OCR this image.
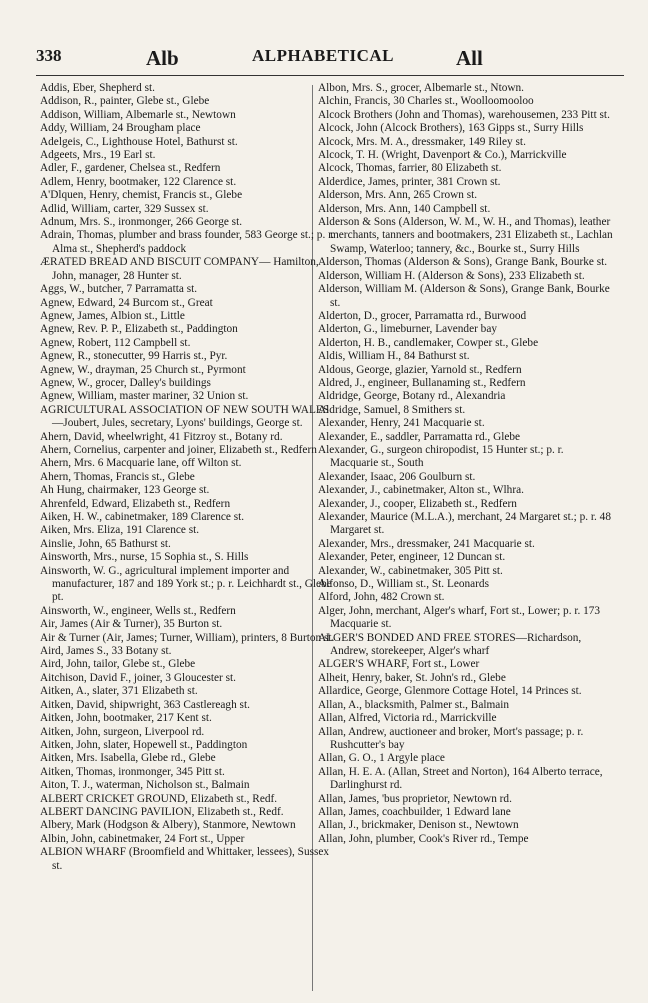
338	Alb	ALPHABETICAL	All
Addis, Eber, Shepherd st.
Addison, R., painter, Glebe st., Glebe
Addison, William, Albemarle st., Newtown
Addy, William, 24 Brougham place
Adelgeis, C., Lighthouse Hotel, Bathurst st.
Adgeets, Mrs., 19 Earl st.
Adler, F., gardener, Chelsea st., Redfern
Adlem, Henry, bootmaker, 122 Clarence st.
A'Dlquen, Henry, chemist, Francis st., Glebe
Adlid, William, carter, 329 Sussex st.
Adnum, Mrs. S., ironmonger, 266 George st.
Adrain, Thomas, plumber and brass founder, 583 George st.; p. r. Alma st., Shepherd's paddock
ÆRATED BREAD AND BISCUIT COMPANY— Hamilton, John, manager, 28 Hunter st.
Aggs, W., butcher, 7 Parramatta st.
Agnew, Edward, 24 Burcom st., Great
Agnew, James, Albion st., Little
Agnew, Rev. P. P., Elizabeth st., Paddington
Agnew, Robert, 112 Campbell st.
Agnew, R., stonecutter, 99 Harris st., Pyr.
Agnew, W., drayman, 25 Church st., Pyrmont
Agnew, W., grocer, Dalley's buildings
Agnew, William, master mariner, 32 Union st.
AGRICULTURAL ASSOCIATION OF NEW SOUTH WALES—Joubert, Jules, secretary, Lyons' buildings, George st.
Ahern, David, wheelwright, 41 Fitzroy st., Botany rd.
Ahern, Cornelius, carpenter and joiner, Elizabeth st., Redfern
Ahern, Mrs. 6 Macquarie lane, off Wilton st.
Ahern, Thomas, Francis st., Glebe
Ah Hung, chairmaker, 123 George st.
Ahrenfeld, Edward, Elizabeth st., Redfern
Aiken, H. W., cabinetmaker, 189 Clarence st.
Aiken, Mrs. Eliza, 191 Clarence st.
Ainslie, John, 65 Bathurst st.
Ainsworth, Mrs., nurse, 15 Sophia st., S. Hills
Ainsworth, W. G., agricultural implement importer and manufacturer, 187 and 189 York st.; p. r. Leichhardt st., Glebe pt.
Ainsworth, W., engineer, Wells st., Redfern
Air, James (Air & Turner), 35 Burton st.
Air & Turner (Air, James; Turner, William), printers, 8 Burton st.
Aird, James S., 33 Botany st.
Aird, John, tailor, Glebe st., Glebe
Aitchison, David F., joiner, 3 Gloucester st.
Aitken, A., slater, 371 Elizabeth st.
Aitken, David, shipwright, 363 Castlereagh st.
Aitken, John, bootmaker, 217 Kent st.
Aitken, John, surgeon, Liverpool rd.
Aitken, John, slater, Hopewell st., Paddington
Aitken, Mrs. Isabella, Glebe rd., Glebe
Aitken, Thomas, ironmonger, 345 Pitt st.
Aiton, T. J., waterman, Nicholson st., Balmain
ALBERT CRICKET GROUND, Elizabeth st., Redf.
ALBERT DANCING PAVILION, Elizabeth st., Redf.
Albery, Mark (Hodgson & Albery), Stanmore, Newtown
Albin, John, cabinetmaker, 24 Fort st., Upper
ALBION WHARF (Broomfield and Whittaker, lessees), Sussex st.
Albon, Mrs. S., grocer, Albemarle st., Ntown.
Alchin, Francis, 30 Charles st., Woolloomooloo
Alcock Brothers (John and Thomas), warehousemen, 233 Pitt st.
Alcock, John (Alcock Brothers), 163 Gipps st., Surry Hills
Alcock, Mrs. M. A., dressmaker, 149 Riley st.
Alcock, T. H. (Wright, Davenport & Co.), Marrickville
Alcock, Thomas, farrier, 80 Elizabeth st.
Alderdice, James, printer, 381 Crown st.
Alderson, Mrs. Ann, 265 Crown st.
Alderson, Mrs. Ann, 140 Campbell st.
Alderson & Sons (Alderson, W. M., W. H., and Thomas), leather merchants, tanners and bootmakers, 231 Elizabeth st., Lachlan Swamp, Waterloo; tannery, &c., Bourke st., Surry Hills
Alderson, Thomas (Alderson & Sons), Grange Bank, Bourke st.
Alderson, William H. (Alderson & Sons), 233 Elizabeth st.
Alderson, William M. (Alderson & Sons), Grange Bank, Bourke st.
Alderton, D., grocer, Parramatta rd., Burwood
Alderton, G., limeburner, Lavender bay
Alderton, H. B., candlemaker, Cowper st., Glebe
Aldis, William H., 84 Bathurst st.
Aldous, George, glazier, Yarnold st., Redfern
Aldred, J., engineer, Bullanaming st., Redfern
Aldridge, George, Botany rd., Alexandria
Aldridge, Samuel, 8 Smithers st.
Alexander, Henry, 241 Macquarie st.
Alexander, E., saddler, Parramatta rd., Glebe
Alexander, G., surgeon chiropodist, 15 Hunter st.; p. r. Macquarie st., South
Alexander, Isaac, 206 Goulburn st.
Alexander, J., cabinetmaker, Alton st., Wlhra.
Alexander, J., cooper, Elizabeth st., Redfern
Alexander, Maurice (M.L.A.), merchant, 24 Margaret st.; p. r. 48 Margaret st.
Alexander, Mrs., dressmaker, 241 Macquarie st.
Alexander, Peter, engineer, 12 Duncan st.
Alexander, W., cabinetmaker, 305 Pitt st.
Alfonso, D., William st., St. Leonards
Alford, John, 482 Crown st.
Alger, John, merchant, Alger's wharf, Fort st., Lower; p. r. 173 Macquarie st.
ALGER'S BONDED AND FREE STORES—Richardson, Andrew, storekeeper, Alger's wharf
ALGER'S WHARF, Fort st., Lower
Alheit, Henry, baker, St. John's rd., Glebe
Allardice, George, Glenmore Cottage Hotel, 14 Princes st.
Allan, A., blacksmith, Palmer st., Balmain
Allan, Alfred, Victoria rd., Marrickville
Allan, Andrew, auctioneer and broker, Mort's passage; p. r. Rushcutter's bay
Allan, G. O., 1 Argyle place
Allan, H. E. A. (Allan, Street and Norton), 164 Alberto terrace, Darlinghurst rd.
Allan, James, 'bus proprietor, Newtown rd.
Allan, James, coachbuilder, 1 Edward lane
Allan, J., brickmaker, Denison st., Newtown
Allan, John, plumber, Cook's River rd., Tempe
